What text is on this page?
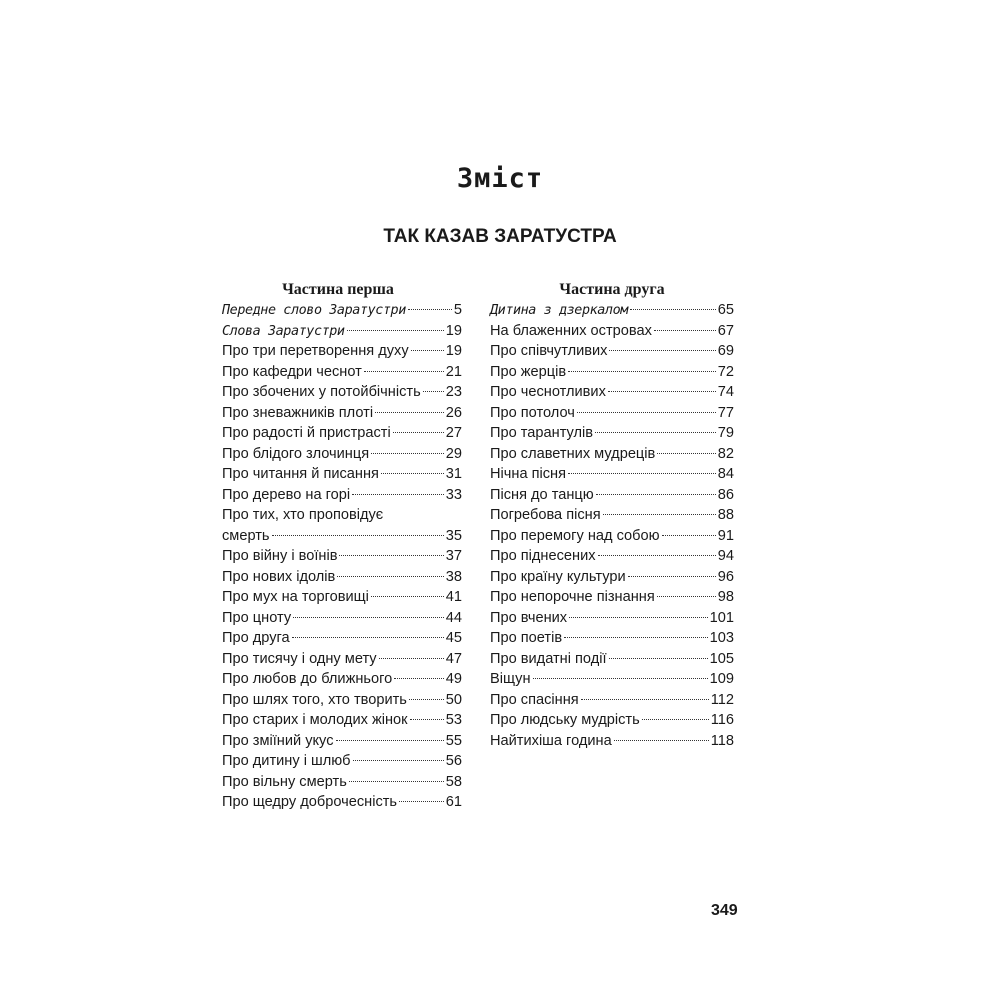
Зміст
ТАК КАЗАВ ЗАРАТУСТРА
Частина перша
Передне слово Заратустри	5
Слова Заратустри	19
Про три перетворення духу	19
Про кафедри чеснот	21
Про збочених у потойбічність 23
Про зневажників плоті	26
Про радості й пристрасті	27
Про блідого злочинця	29
Про читання й писання	31
Про дерево на горі	33
Про тих, хто проповідує
смерть	35
Про війну і воїнів	37
Про нових ідолів	38
Про мух на торговищі	41
Про цноту	44
Про друга	45
Про тисячу і одну мету	47
Про любов до ближнього	49
Про шлях того, хто творить	50
Про старих і молодих жінок	53
Про зміїний укус	55
Про дитину і шлюб	56
Про вільну смерть	58
Про щедру доброчесність	61
Частина друга
Дитина з дзеркалом	65
На блаженних островах	67
Про співчутливих	69
Про жерців	72
Про чеснотливих	74
Про потолоч	77
Про тарантулів	79
Про славетних мудреців	82
Нічна пісня	84
Пісня до танцю	86
Погребова пісня	88
Про перемогу над собою	91
Про піднесених	94
Про країну культури	96
Про непорочне пізнання	98
Про вчених	101
Про поетів	103
Про видатні події	105
Віщун	109
Про спасіння	112
Про людську мудрість	116
Найтихіша година	118
349
